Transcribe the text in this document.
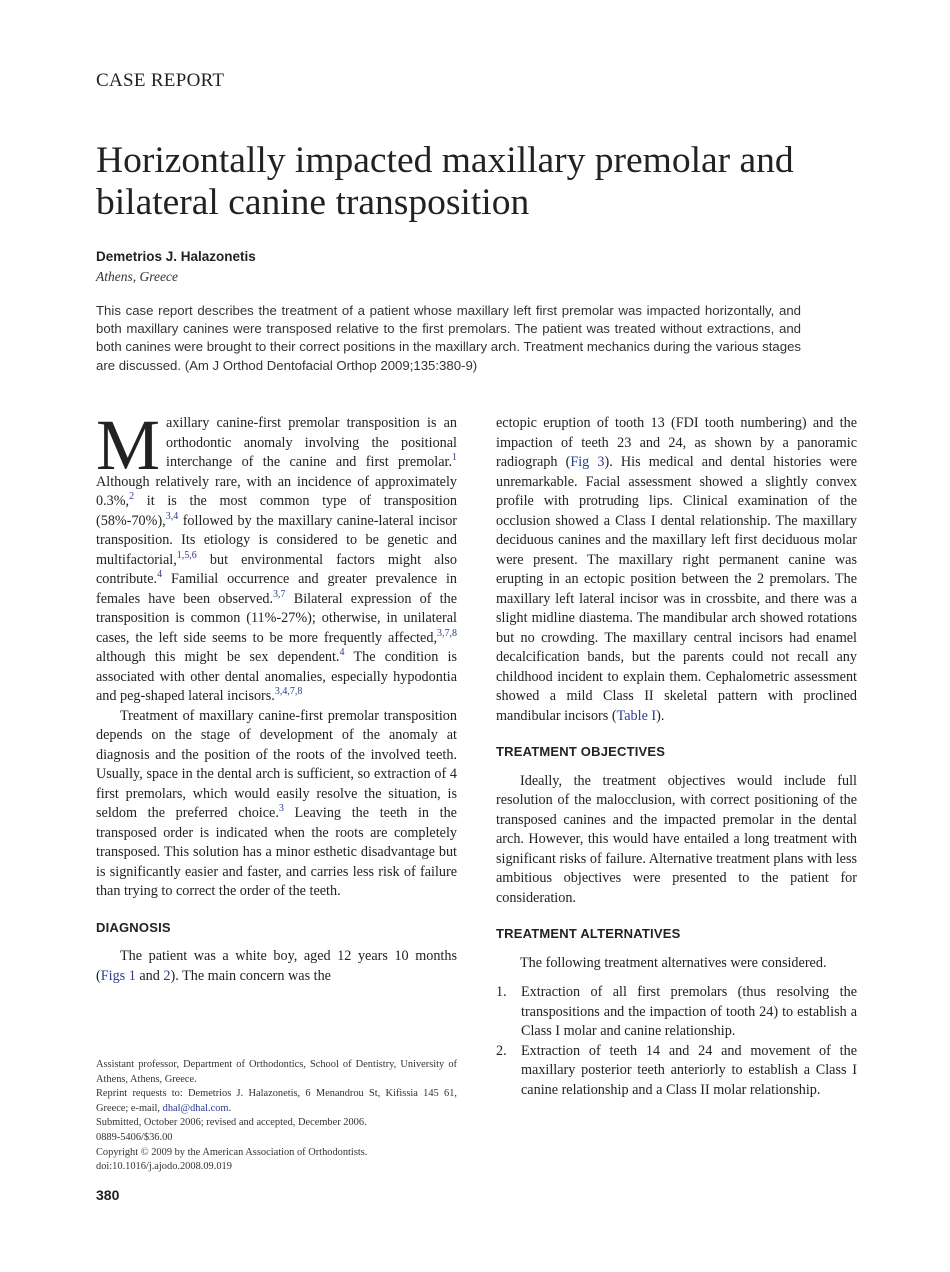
CASE REPORT
Horizontally impacted maxillary premolar and bilateral canine transposition
Demetrios J. Halazonetis
Athens, Greece
This case report describes the treatment of a patient whose maxillary left first premolar was impacted horizontally, and both maxillary canines were transposed relative to the first premolars. The patient was treated without extractions, and both canines were brought to their correct positions in the maxillary arch. Treatment mechanics during the various stages are discussed. (Am J Orthod Dentofacial Orthop 2009;135:380-9)

Maxillary canine-first premolar transposition is an orthodontic anomaly involving the positional interchange of the canine and first premolar.$^1$ Although relatively rare, with an incidence of approximately 0.3%,$^2$ it is the most common type of transposition (58%-70%),$^{3,4}$ followed by the maxillary canine-lateral incisor transposition. Its etiology is considered to be genetic and multifactorial,$^{1,5,6}$ but environmental factors might also contribute.$^4$ Familial occurrence and greater prevalence in females have been observed.$^{3,7}$ Bilateral expression of the transposition is common (11%-27%); otherwise, in unilateral cases, the left side seems to be more frequently affected,$^{3,7,8}$ although this might be sex dependent.$^4$ The condition is associated with other dental anomalies, especially hypodontia and peg-shaped lateral incisors.$^{3,4,7,8}$

Treatment of maxillary canine-first premolar transposition depends on the stage of development of the anomaly at diagnosis and the position of the roots of the involved teeth. Usually, space in the dental arch is sufficient, so extraction of 4 first premolars, which would easily resolve the situation, is seldom the preferred choice.$^3$ Leaving the teeth in the transposed order is indicated when the roots are completely transposed. This solution has a minor esthetic disadvantage but is significantly easier and faster, and carries less risk of failure than trying to correct the order of the teeth.

DIAGNOSIS

The patient was a white boy, aged 12 years 10 months (Figs 1 and 2). The main concern was the

ectopic eruption of tooth 13 (FDI tooth numbering) and the impaction of teeth 23 and 24, as shown by a panoramic radiograph (Fig 3). His medical and dental histories were unremarkable. Facial assessment showed a slightly convex profile with protruding lips. Clinical examination of the occlusion showed a Class I dental relationship. The maxillary deciduous canines and the maxillary left first deciduous molar were present. The maxillary right permanent canine was erupting in an ectopic position between the 2 premolars. The maxillary left lateral incisor was in crossbite, and there was a slight midline diastema. The mandibular arch showed rotations but no crowding. The maxillary central incisors had enamel decalcification bands, but the parents could not recall any childhood incident to explain them. Cephalometric assessment showed a mild Class II skeletal pattern with proclined mandibular incisors (Table I).

TREATMENT OBJECTIVES

Ideally, the treatment objectives would include full resolution of the malocclusion, with correct positioning of the transposed canines and the impacted premolar in the dental arch. However, this would have entailed a long treatment with significant risks of failure. Alternative treatment plans with less ambitious objectives were presented to the patient for consideration.

TREATMENT ALTERNATIVES

The following treatment alternatives were considered.

1. Extraction of all first premolars (thus resolving the transpositions and the impaction of tooth 24) to establish a Class I molar and canine relationship.
2. Extraction of teeth 14 and 24 and movement of the maxillary posterior teeth anteriorly to establish a Class I canine relationship and a Class II molar relationship.
Assistant professor, Department of Orthodontics, School of Dentistry, University of Athens, Athens, Greece.
Reprint requests to: Demetrios J. Halazonetis, 6 Menandrou St, Kifissia 145 61, Greece; e-mail, dhal@dhal.com.
Submitted, October 2006; revised and accepted, December 2006.
0889-5406/$36.00
Copyright © 2009 by the American Association of Orthodontists.
doi:10.1016/j.ajodo.2008.09.019
380
